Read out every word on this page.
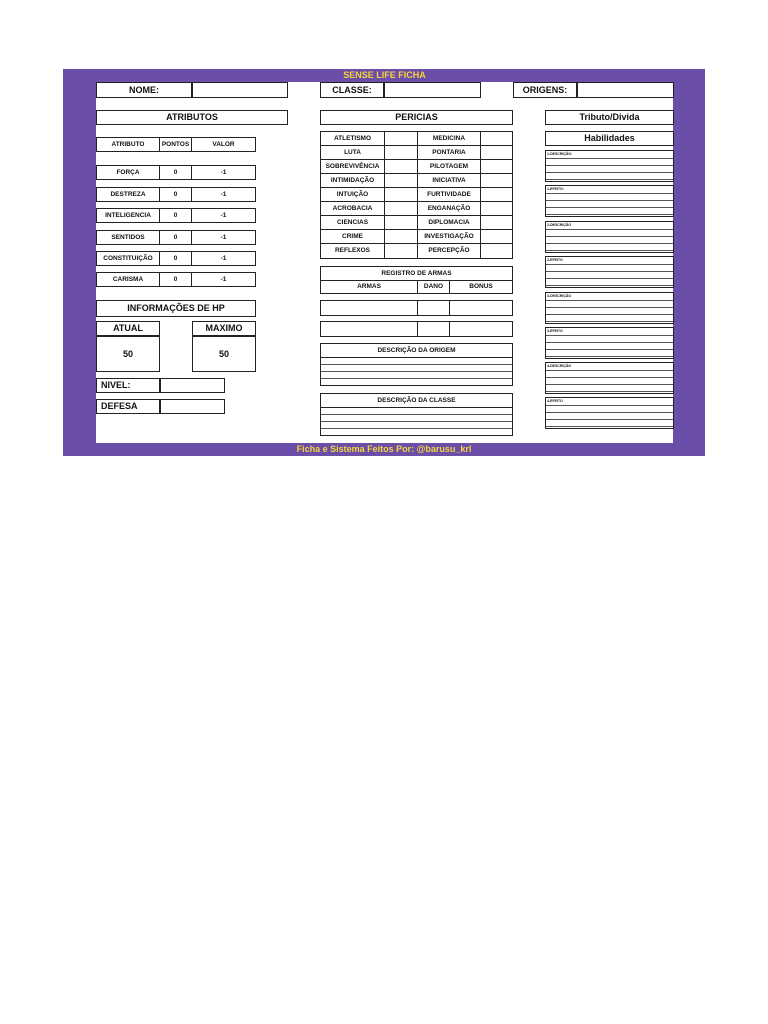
SENSE LIFE FICHA
Ficha e Sistema Feitos Por: @barusu_krl
NOME:	CLASSE:	ORIGENS:
ATRIBUTOS	PERICIAS	Tributo/Divida
ATRIBUTO	PONTOS	VALOR
FORÇA	0	-1
DESTREZA	0	-1
INTELIGENCIA	0	-1
SENTIDOS	0	-1
CONSTITUIÇÃO	0	-1
CARISMA	0	-1
INFORMAÇÕES DE HP
ATUAL	MAXIMO
50	50
NIVEL:
DEFESA
ATLETISMO	MEDICINA
LUTA	PONTARIA
SOBREVIVÊNCIA	PILOTAGEM
INTIMIDAÇÃO	INICIATIVA
INTUIÇÃO	FURTIVIDADE
ACROBACIA	ENGANAÇÃO
CIENCIAS	DIPLOMACIA
CRIME	INVESTIGAÇÃO
REFLEXOS	PERCEPÇÃO
REGISTRO DE ARMAS
ARMAS	DANO	BONUS
DESCRIÇÃO DA ORIGEM
DESCRIÇÃO DA CLASSE
Habilidades
1-DESCRIÇÃO:
1-EFEITO:
2-DESCRIÇÃO
2-EFEITO
3-DESCRIÇÃO
3-EFEITO
4-DESCRIÇÃO
4-EFEITO
